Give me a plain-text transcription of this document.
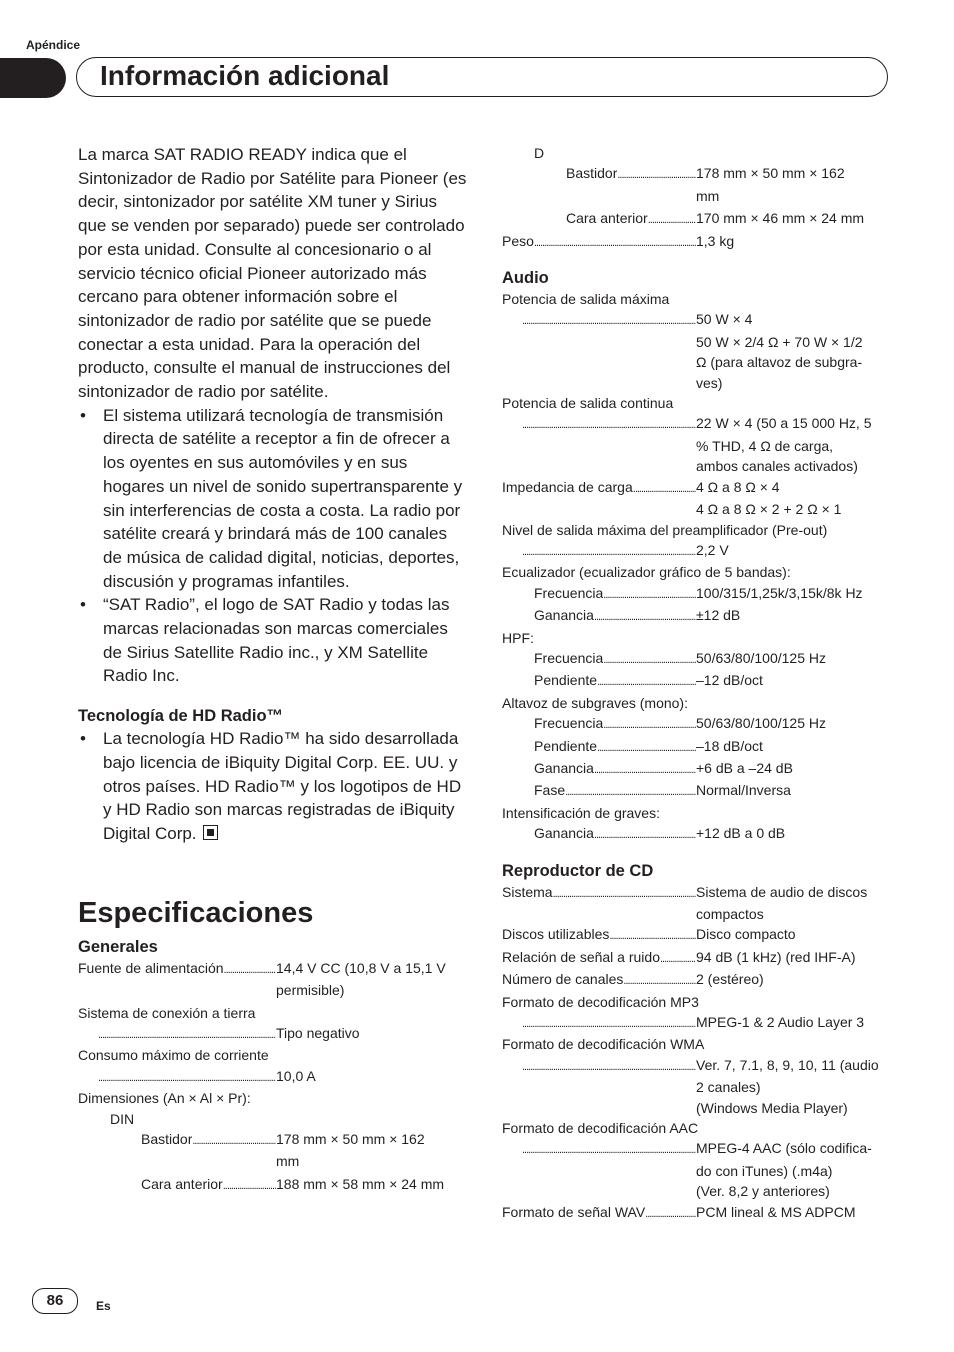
Apéndice
Información adicional

La marca SAT RADIO READY indica que el Sintonizador de Radio por Satélite para Pioneer (es decir, sintonizador por satélite XM tuner y Sirius que se venden por separado) puede ser controlado por esta unidad. Consulte al concesionario o al servicio técnico oficial Pioneer autorizado más cercano para obtener información sobre el sintonizador de radio por satélite que se puede conectar a esta unidad. Para la operación del producto, consulte el manual de instrucciones del sintonizador de radio por satélite.

• El sistema utilizará tecnología de transmisión directa de satélite a receptor a fin de ofrecer a los oyentes en sus automóviles y en sus hogares un nivel de sonido supertransparente y sin interferencias de costa a costa. La radio por satélite creará y brindará más de 100 canales de música de calidad digital, noticias, deportes, discusión y programas infantiles.
• “SAT Radio”, el logo de SAT Radio y todas las marcas relacionadas son marcas comerciales de Sirius Satellite Radio inc., y XM Satellite Radio Inc.
Tecnología de HD Radio™
• La tecnología HD Radio™ ha sido desarrollada bajo licencia de iBiquity Digital Corp. EE. UU. y otros países. HD Radio™ y los logotipos de HD y HD Radio son marcas registradas de iBiquity Digital Corp.
Especificaciones
Generales
Fuente de alimentación .....	14,4 V CC (10,8 V a 15,1 V
permisible)
Sistema de conexión a tierra
.....
Tipo negativo
Consumo máximo de corriente
.....
10,0 A
Dimensiones (An × Al × Pr):
DIN
Bastidor .....	178 mm × 50 mm × 162
mm
Cara anterior .....	188 mm × 58 mm × 24 mm
D
Bastidor .....	178 mm × 50 mm × 162
mm
Cara anterior .....	170 mm × 46 mm × 24 mm
Peso .....	1,3 kg
Audio
Potencia de salida máxima
.....
50 W × 4
50 W × 2/4 Ω + 70 W × 1/2
Ω (para altavoz de subgra-
ves)
Potencia de salida continua
.....
22 W × 4 (50 a 15 000 Hz, 5
% THD, 4 Ω de carga,
ambos canales activados)
Impedancia de carga .....	4 Ω a 8 Ω × 4
4 Ω a 8 Ω × 2 + 2 Ω × 1
Nivel de salida máxima del preamplificador (Pre-out)
.....
2,2 V
Ecualizador (ecualizador gráfico de 5 bandas):
Frecuencia .....	100/315/1,25k/3,15k/8k Hz
Ganancia .....	±12 dB
HPF:
Frecuencia .....	50/63/80/100/125 Hz
Pendiente .....	–12 dB/oct
Altavoz de subgraves (mono):
Frecuencia .....	50/63/80/100/125 Hz
Pendiente .....	–18 dB/oct
Ganancia .....	+6 dB a –24 dB
Fase .....	Normal/Inversa
Intensificación de graves:
Ganancia .....	+12 dB a 0 dB
Reproductor de CD
Sistema .....	Sistema de audio de discos
compactos
Discos utilizables .....	Disco compacto
Relación de señal a ruido .....	94 dB (1 kHz) (red IHF-A)
Número de canales .....	2 (estéreo)
Formato de decodificación MP3
.....
MPEG-1 & 2 Audio Layer 3
Formato de decodificación WMA
.....
Ver. 7, 7.1, 8, 9, 10, 11 (audio
2 canales)
(Windows Media Player)
Formato de decodificación AAC
.....
MPEG-4 AAC (sólo codifica-
do con iTunes) (.m4a)
(Ver. 8,2 y anteriores)
Formato de señal WAV .....	PCM lineal & MS ADPCM
86	Es
